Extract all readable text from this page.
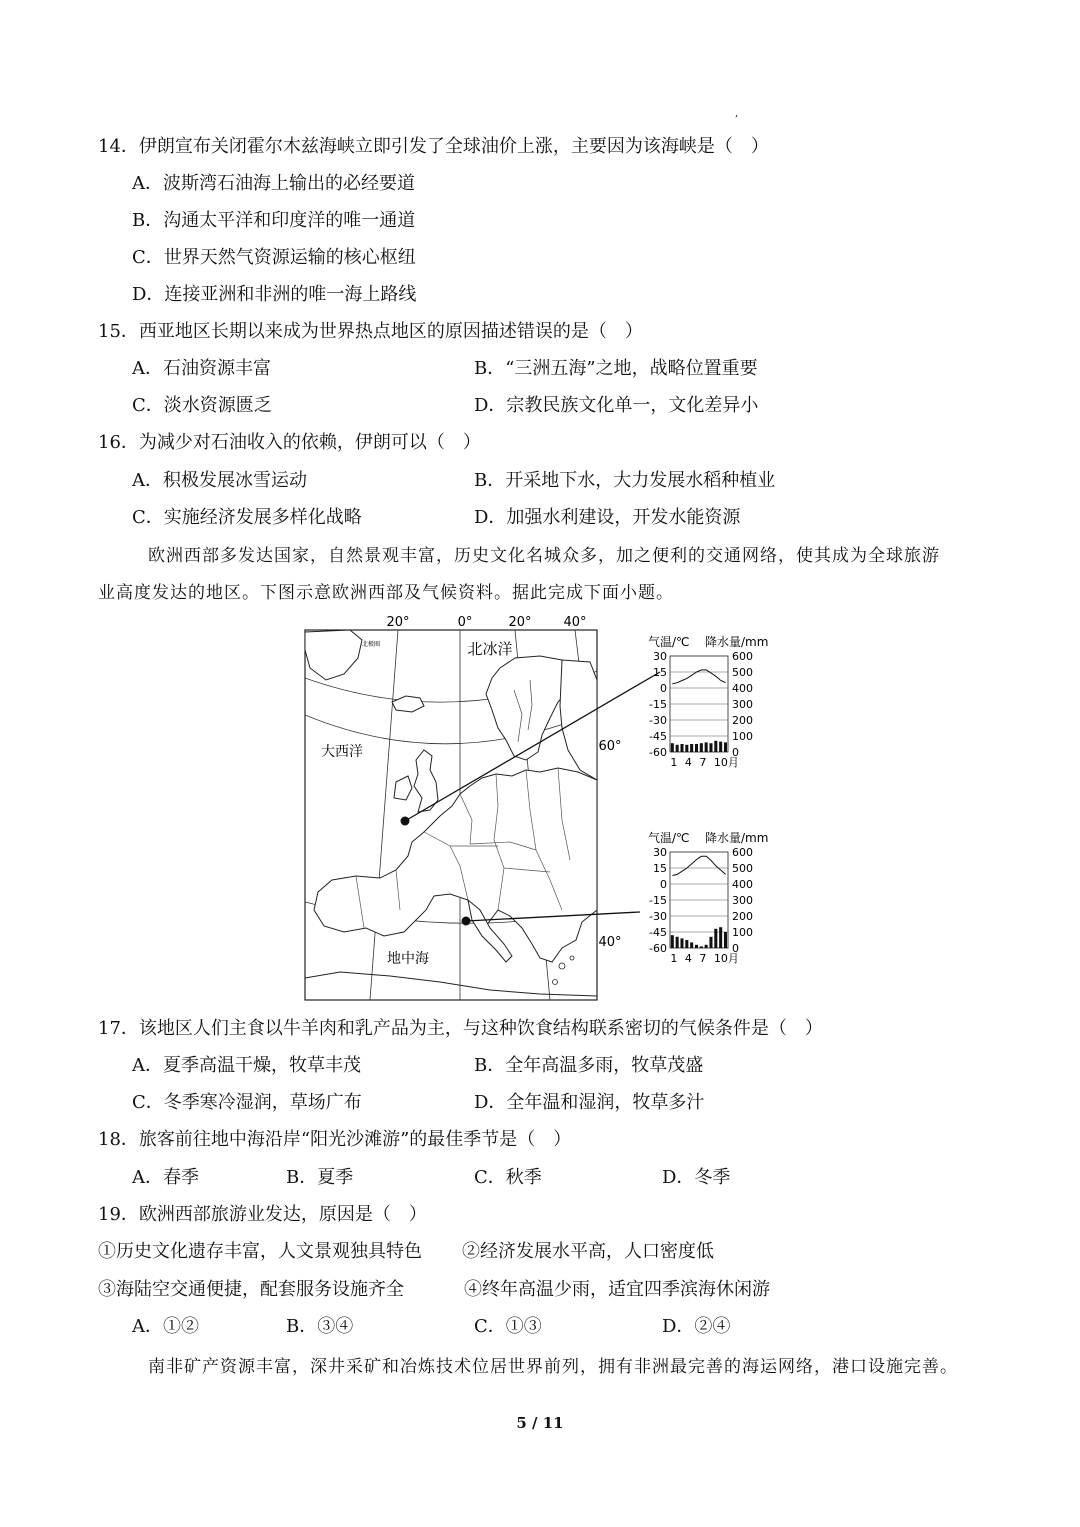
,
14．伊朗宣布关闭霍尔木兹海峡立即引发了全球油价上涨，主要因为该海峡是（　）
A．波斯湾石油海上输出的必经要道
B．沟通太平洋和印度洋的唯一通道
C．世界天然气资源运输的核心枢纽
D．连接亚洲和非洲的唯一海上路线
15．西亚地区长期以来成为世界热点地区的原因描述错误的是（　）
A．石油资源丰富	B．“三洲五海”之地，战略位置重要
C．淡水资源匮乏	D．宗教民族文化单一，文化差异小
16．为减少对石油收入的依赖，伊朗可以（　）
A．积极发展冰雪运动	B．开采地下水，大力发展水稻种植业
C．实施经济发展多样化战略	D．加强水利建设，开发水能资源
欧洲西部多发达国家，自然景观丰富，历史文化名城众多，加之便利的交通网络，使其成为全球旅游
业高度发达的地区。下图示意欧洲西部及气候资料。据此完成下面小题。
20°	0°	20° 40°
北冰洋
大西洋
地中海
北极圈
60°
40°
气温/℃ 降水量/mm
30
15
0
-15
-30
-45
-60
600
500
400
300
200
100
0
1 4 7 10月
气温/℃ 降水量/mm
30
15
0
-15
-30
-45
-60
600
500
400
300
200
100
0
1 4 7 10月
17．该地区人们主食以牛羊肉和乳产品为主，与这种饮食结构联系密切的气候条件是（　）
A．夏季高温干燥，牧草丰茂	B．全年高温多雨，牧草茂盛
C．冬季寒冷湿润，草场广布	D．全年温和湿润，牧草多汁
18．旅客前往地中海沿岸“阳光沙滩游”的最佳季节是（　）
A．春季	B．夏季	C．秋季	D．冬季
19．欧洲西部旅游业发达，原因是（　）
①历史文化遗存丰富，人文景观独具特色 ②经济发展水平高，人口密度低
③海陆空交通便捷，配套服务设施齐全	④终年高温少雨，适宜四季滨海休闲游
A．①②	B．③④	C．①③	D．②④
南非矿产资源丰富，深井采矿和冶炼技术位居世界前列，拥有非洲最完善的海运网络，港口设施完善。
5 / 11
